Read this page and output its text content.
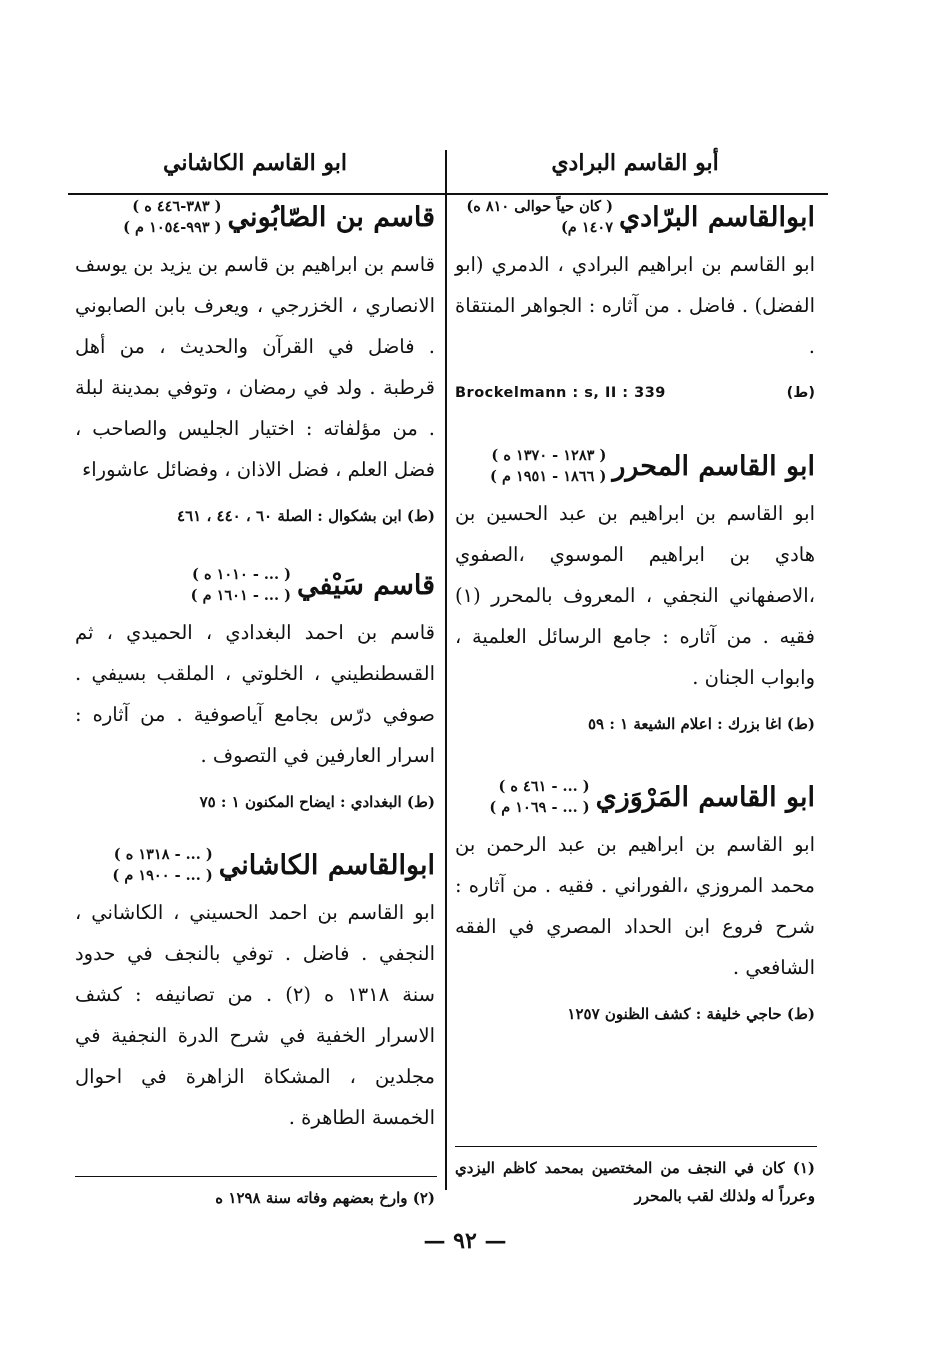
أبو القاسم البرادي
ابو القاسم الكاشاني
ابوالقاسم البرّادي
( كان حياً حوالى ٨١٠ ه)
١٤٠٧ م)
ابو القاسم بن ابراهيم البرادي ، الدمري (ابو الفضل) . فاضل . من آثاره : الجواهر المنتقاة .
Brockelmann : s, II : 339	(ط)
ابو القاسم المحرر
( ١٢٨٣ - ١٣٧٠ ه )
( ١٨٦٦ - ١٩٥١ م )
ابو القاسم بن ابراهيم بن عبد الحسين بن هادي بن ابراهيم الموسوي ،الصفوي ،الاصفهاني النجفي ، المعروف بالمحرر (١) فقيه . من آثاره : جامع الرسائل العلمية ، وابواب الجنان .
(ط) اغا بزرك : اعلام الشيعة ١ : ٥٩
ابو القاسم المَرْوَزي
( ... - ٤٦١ ه )
( ... - ١٠٦٩ م )
ابو القاسم بن ابراهيم بن عبد الرحمن بن محمد المروزي ،الفوراني . فقيه . من آثاره : شرح فروع ابن الحداد المصري في الفقه الشافعي .
(ط) حاجي خليفة : كشف الظنون ١٢٥٧
قاسم بن الصّابُوني
( ٣٨٣-٤٤٦ ه )
( ٩٩٣-١٠٥٤ م )
قاسم بن ابراهيم بن قاسم بن يزيد بن يوسف الانصاري ، الخزرجي ، ويعرف بابن الصابوني . فاضل في القرآن والحديث ، من أهل قرطبة . ولد في رمضان ، وتوفي بمدينة لبلة . من مؤلفاته : اختيار الجليس والصاحب ، فضل العلم ، فضل الاذان ، وفضائل عاشوراء
(ط) ابن بشكوال : الصلة ٦٠ ، ٤٤٠ ، ٤٦١
قاسم سَيْفي
( ... - ١٠١٠ ه )
( ... - ١٦٠١ م )
قاسم بن احمد البغدادي ، الحميدي ، ثم القسطنطيني ، الخلوتي ، الملقب بسيفي . صوفي درّس بجامع آياصوفية . من آثاره : اسرار العارفين في التصوف .
(ط) البغدادي : ايضاح المكنون ١ : ٧٥
ابوالقاسم الكاشاني
( ... - ١٣١٨ ه )
( ... - ١٩٠٠ م )
ابو القاسم بن احمد الحسيني ، الكاشاني ، النجفي . فاضل . توفي بالنجف في حدود سنة ١٣١٨ ه (٢) . من تصانيفه : كشف الاسرار الخفية في شرح الدرة النجفية في مجلدين ، المشكاة الزاهرة في احوال الخمسة الطاهرة .
(١) كان في النجف من المختصين بمحمد كاظم اليزدي وعرراً له ولذلك لقب بالمحرر
(٢) وارخ بعضهم وفاته سنة ١٢٩٨ ه
— ٩٢ —
